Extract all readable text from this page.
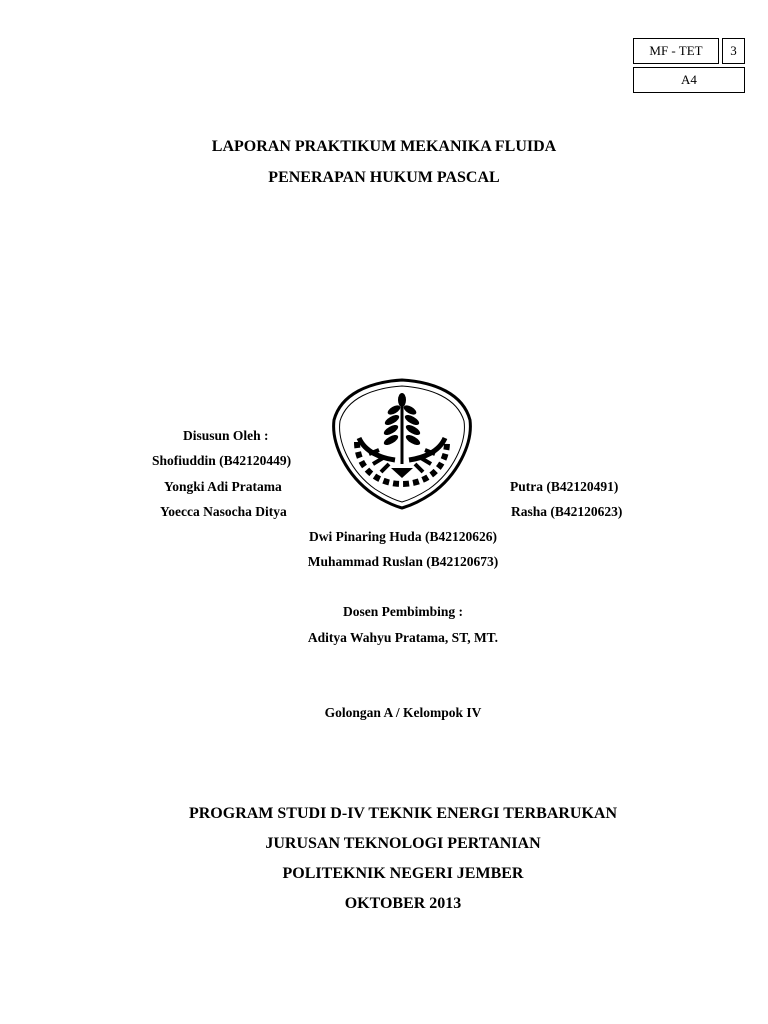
MF - TET 3
A4
LAPORAN PRAKTIKUM MEKANIKA FLUIDA
PENERAPAN HUKUM PASCAL
Disusun Oleh :
Shofiuddin (B42120449)
Yongki Adi Pratama	Putra (B42120491)
Yoecca Nasocha Ditya	Rasha (B42120623)
Dwi Pinaring Huda (B42120626)
Muhammad Ruslan (B42120673)
Dosen Pembimbing :
Aditya Wahyu Pratama, ST, MT.
Golongan A / Kelompok IV
PROGRAM STUDI D-IV TEKNIK ENERGI TERBARUKAN
JURUSAN TEKNOLOGI PERTANIAN
POLITEKNIK NEGERI JEMBER
OKTOBER 2013
